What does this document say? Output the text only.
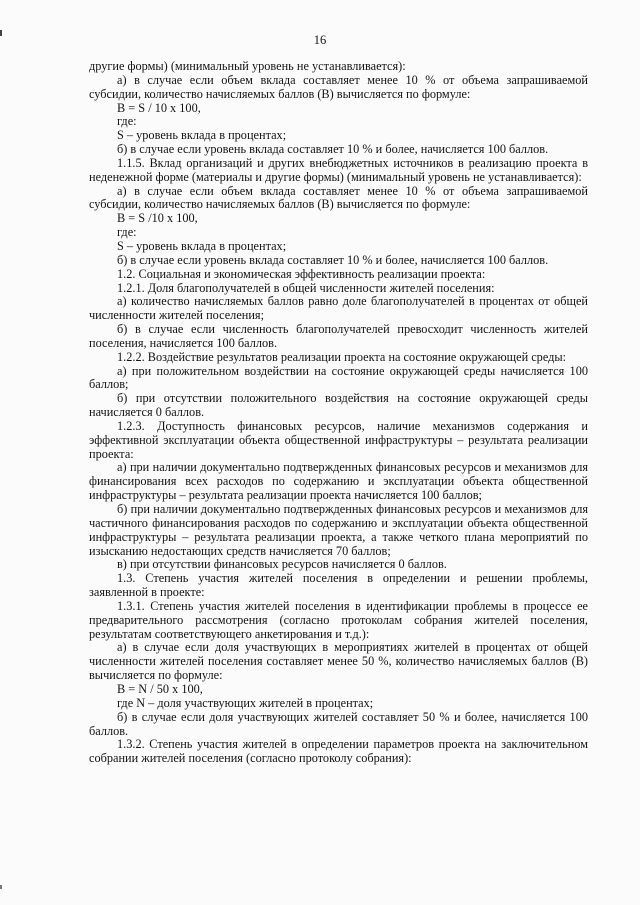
16

другие формы) (минимальный уровень не устанавливается):

а) в случае если объем вклада составляет менее 10 % от объема запрашиваемой субсидии, количество начисляемых баллов (B) вычисляется по формуле:

B = S / 10 x 100,

где:

S – уровень вклада в процентах;

б) в случае если уровень вклада составляет 10 % и более, начисляется 100 баллов.

1.1.5. Вклад организаций и других внебюджетных источников в реализацию проекта в неденежной форме (материалы и другие формы) (минимальный уровень не устанавливается):

а) в случае если объем вклада составляет менее 10 % от объема запрашиваемой субсидии, количество начисляемых баллов (B) вычисляется по формуле:

B = S /10 x 100,

где:

S – уровень вклада в процентах;

б) в случае если уровень вклада составляет 10 % и более, начисляется 100 баллов.

1.2. Социальная и экономическая эффективность реализации проекта:

1.2.1. Доля благополучателей в общей численности жителей поселения:

а) количество начисляемых баллов равно доле благополучателей в процентах от общей численности жителей поселения;

б) в случае если численность благополучателей превосходит численность жителей поселения, начисляется 100 баллов.

1.2.2. Воздействие результатов реализации проекта на состояние окружающей среды:

а) при положительном воздействии на состояние окружающей среды начисляется 100 баллов;

б) при отсутствии положительного воздействия на состояние окружающей среды начисляется 0 баллов.

1.2.3. Доступность финансовых ресурсов, наличие механизмов содержания и эффективной эксплуатации объекта общественной инфраструктуры – результата реализации проекта:

а) при наличии документально подтвержденных финансовых ресурсов и механизмов для финансирования всех расходов по содержанию и эксплуатации объекта общественной инфраструктуры – результата реализации проекта начисляется 100 баллов;

б) при наличии документально подтвержденных финансовых ресурсов и механизмов для частичного финансирования расходов по содержанию и эксплуатации объекта общественной инфраструктуры – результата реализации проекта, а также четкого плана мероприятий по изысканию недостающих средств начисляется 70 баллов;

в) при отсутствии финансовых ресурсов начисляется 0 баллов.

1.3. Степень участия жителей поселения в определении и решении проблемы, заявленной в проекте:

1.3.1. Степень участия жителей поселения в идентификации проблемы в процессе ее предварительного рассмотрения (согласно протоколам собрания жителей поселения, результатам соответствующего анкетирования и т.д.):

а) в случае если доля участвующих в мероприятиях жителей в процентах от общей численности жителей поселения составляет менее 50 %, количество начисляемых баллов (B) вычисляется по формуле:

B = N / 50 x 100,

где N – доля участвующих жителей в процентах;

б) в случае если доля участвующих жителей составляет 50 % и более, начисляется 100 баллов.

1.3.2. Степень участия жителей в определении параметров проекта на заключительном собрании жителей поселения (согласно протоколу собрания):
